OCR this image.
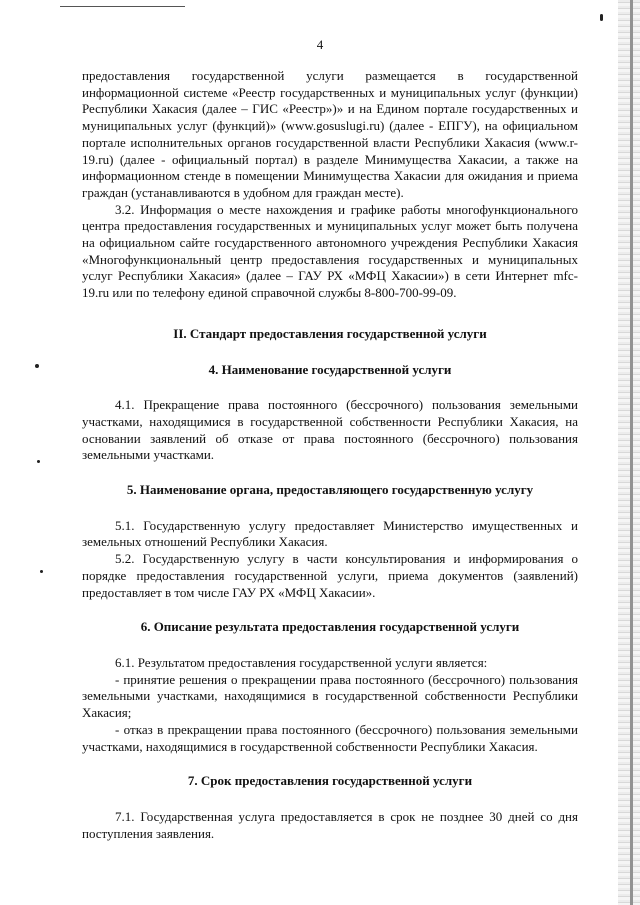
4

предоставления государственной услуги размещается в государственной информационной системе «Реестр государственных и муниципальных услуг (функции) Республики Хакасия (далее – ГИС «Реестр»)» и на Едином портале государственных и муниципальных услуг (функций)» (www.gosuslugi.ru) (далее - ЕПГУ), на официальном портале исполнительных органов государственной власти Республики Хакасия (www.r-19.ru) (далее - официальный портал) в разделе Минимущества Хакасии, а также на информационном стенде в помещении Минимущества Хакасии для ожидания и приема граждан (устанавливаются в удобном для граждан месте).

3.2. Информация о месте нахождения и графике работы многофункционального центра предоставления государственных и муниципальных услуг может быть получена на официальном сайте государственного автономного учреждения Республики Хакасия «Многофункциональный центр предоставления государственных и муниципальных услуг Республики Хакасия» (далее – ГАУ РХ «МФЦ Хакасии») в сети Интернет mfc-19.ru или по телефону единой справочной службы 8-800-700-99-09.

II. Стандарт предоставления государственной услуги
4. Наименование государственной услуги

4.1. Прекращение права постоянного (бессрочного) пользования земельными участками, находящимися в государственной собственности Республики Хакасия, на основании заявлений об отказе от права постоянного (бессрочного) пользования земельными участками.

5. Наименование органа, предоставляющего государственную услугу

5.1. Государственную услугу предоставляет Министерство имущественных и земельных отношений Республики Хакасия.

5.2. Государственную услугу в части консультирования и информирования о порядке предоставления государственной услуги, приема документов (заявлений) предоставляет в том числе ГАУ РХ «МФЦ Хакасии».

6. Описание результата предоставления государственной услуги

6.1. Результатом предоставления государственной услуги является:

- принятие решения о прекращении права постоянного (бессрочного) пользования земельными участками, находящимися в государственной собственности Республики Хакасия;

- отказ в прекращении права постоянного (бессрочного) пользования земельными участками, находящимися в государственной собственности Республики Хакасия.

7. Срок предоставления государственной услуги

7.1. Государственная услуга предоставляется в срок не позднее 30 дней со дня поступления заявления.
